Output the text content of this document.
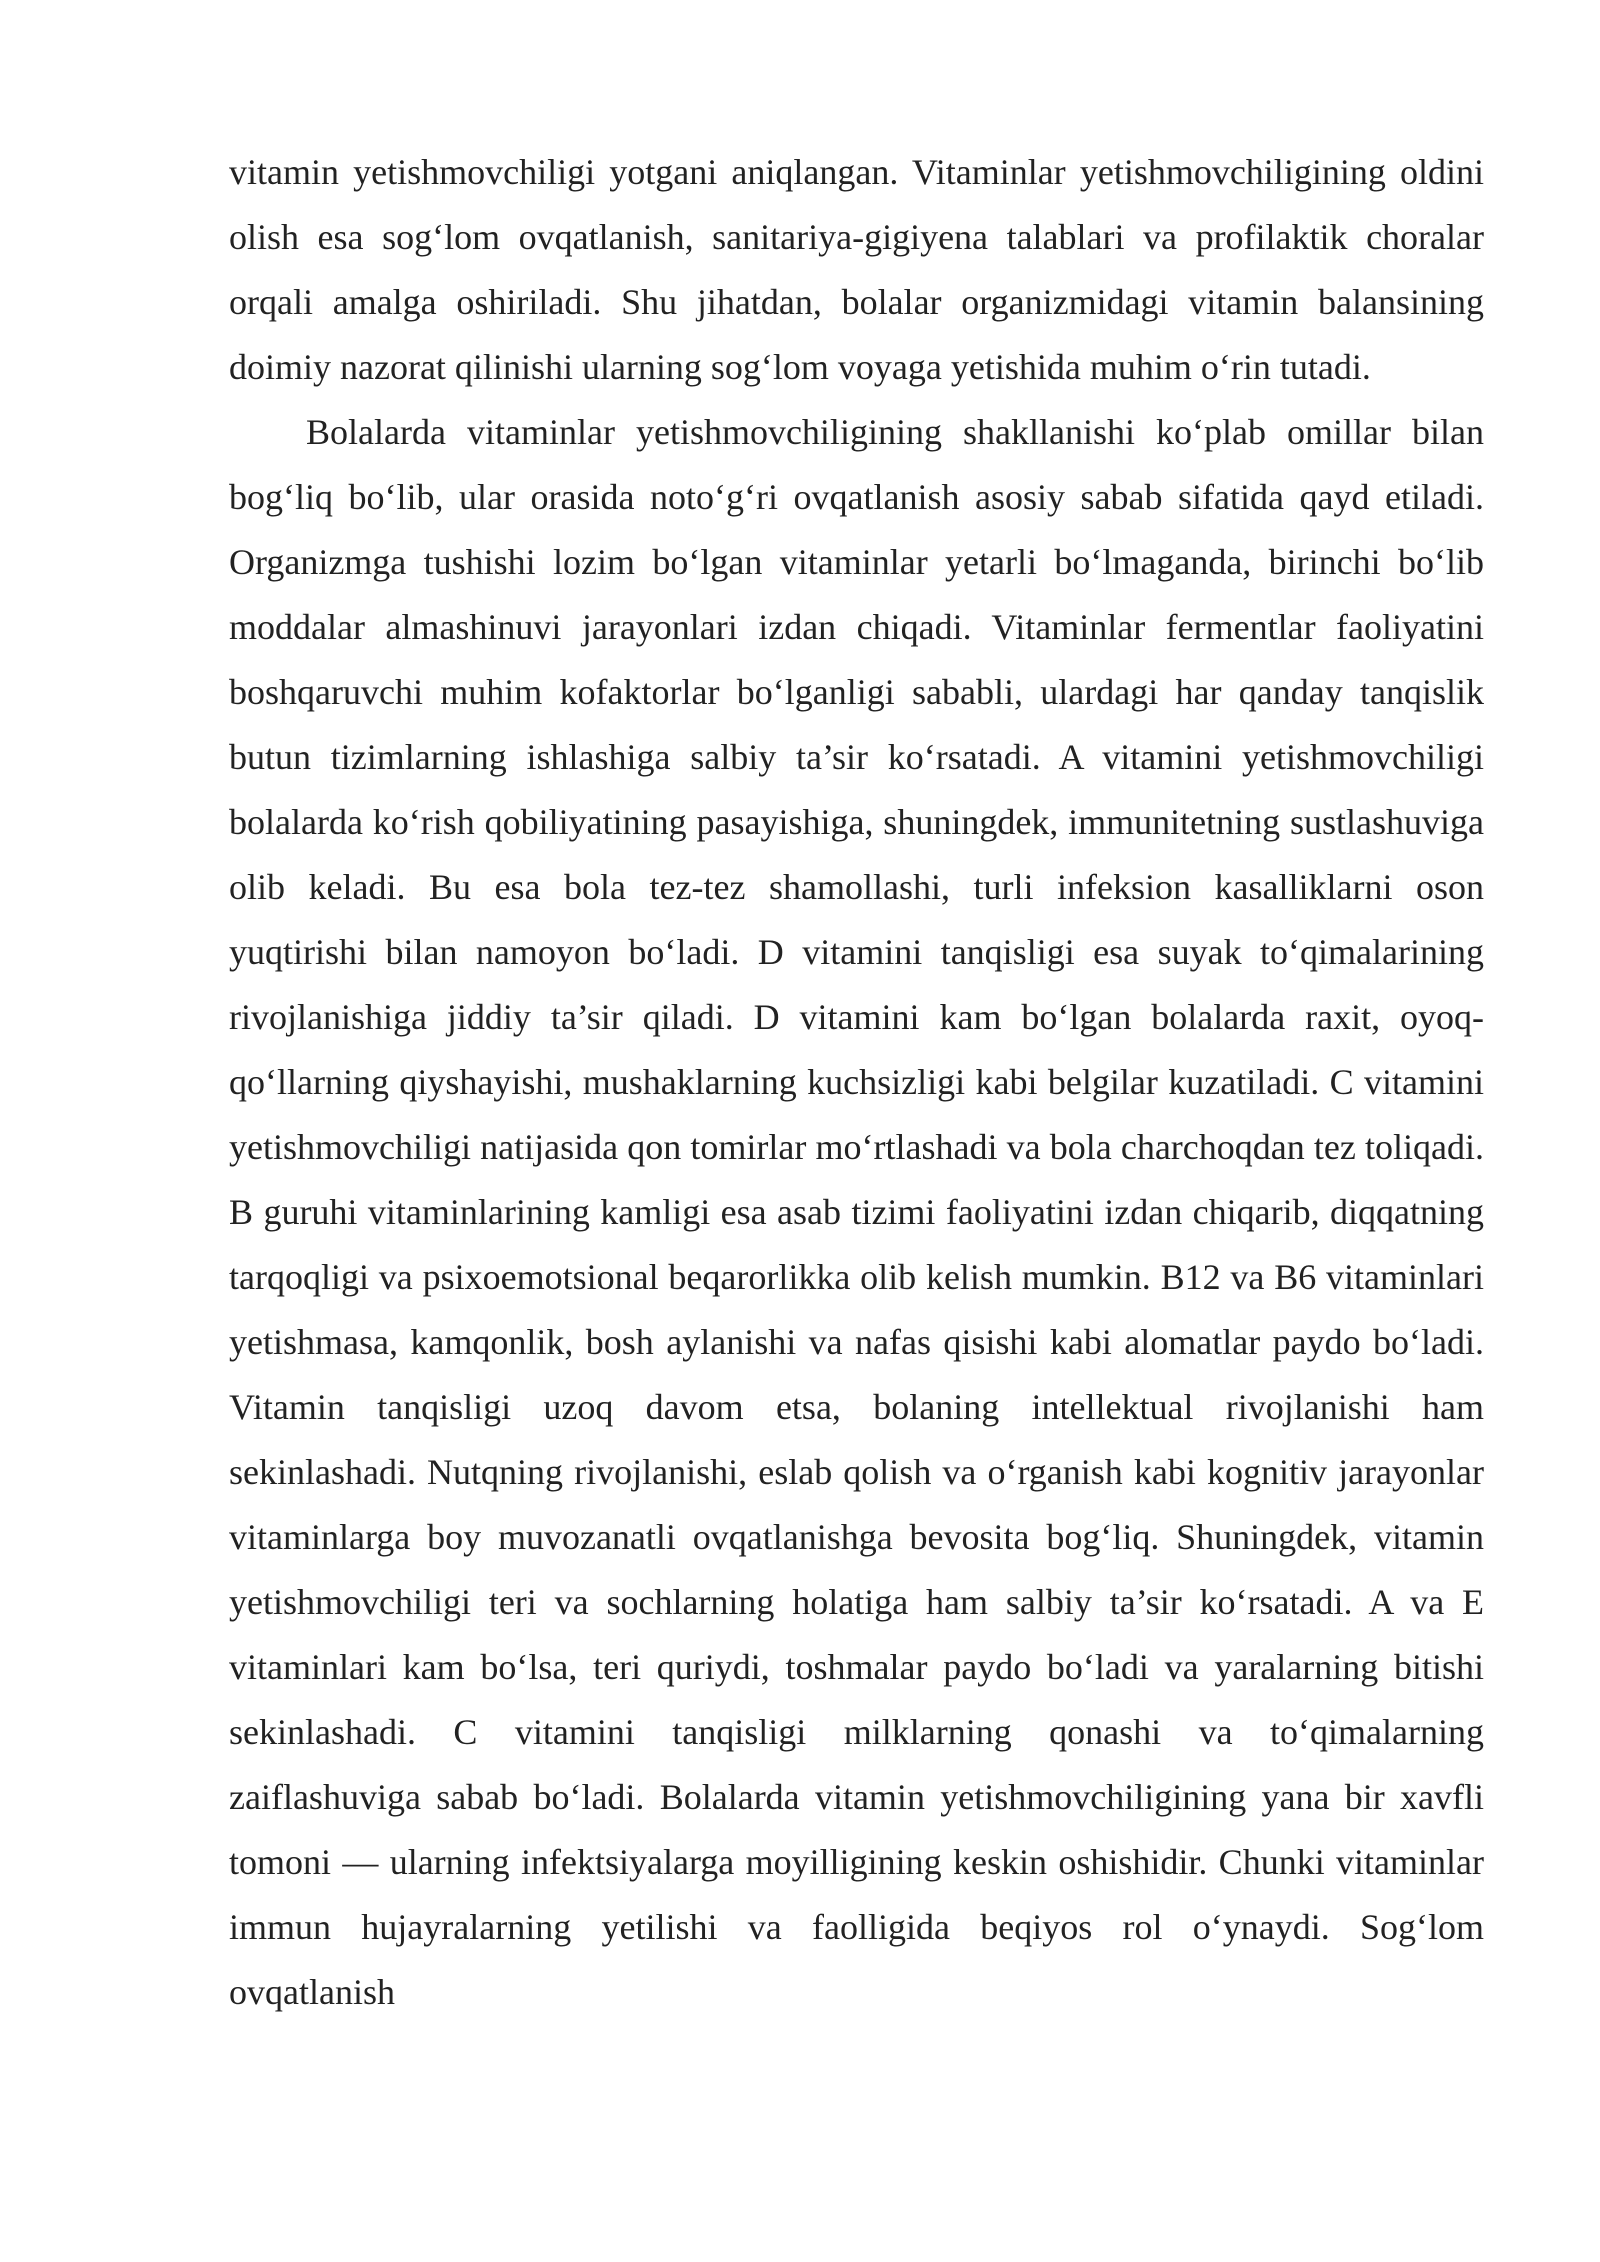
vitamin yetishmovchiligi yotgani aniqlangan. Vitaminlar yetishmovchiligining oldini olish esa sog‘lom ovqatlanish, sanitariya-gigiyena talablari va profilaktik choralar orqali amalga oshiriladi. Shu jihatdan, bolalar organizmidagi vitamin balansining doimiy nazorat qilinishi ularning sog‘lom voyaga yetishida muhim o‘rin tutadi.

Bolalarda vitaminlar yetishmovchiligining shakllanishi ko‘plab omillar bilan bog‘liq bo‘lib, ular orasida noto‘g‘ri ovqatlanish asosiy sabab sifatida qayd etiladi. Organizmga tushishi lozim bo‘lgan vitaminlar yetarli bo‘lmaganda, birinchi bo‘lib moddalar almashinuvi jarayonlari izdan chiqadi. Vitaminlar fermentlar faoliyatini boshqaruvchi muhim kofaktorlar bo‘lganligi sababli, ulardagi har qanday tanqislik butun tizimlarning ishlashiga salbiy ta’sir ko‘rsatadi. A vitamini yetishmovchiligi bolalarda ko‘rish qobiliyatining pasayishiga, shuningdek, immunitetning sustlashuviga olib keladi. Bu esa bola tez-tez shamollashi, turli infeksion kasalliklarni oson yuqtirishi bilan namoyon bo‘ladi. D vitamini tanqisligi esa suyak to‘qimalarining rivojlanishiga jiddiy ta’sir qiladi. D vitamini kam bo‘lgan bolalarda raxit, oyoq-qo‘llarning qiyshayishi, mushaklarning kuchsizligi kabi belgilar kuzatiladi. C vitamini yetishmovchiligi natijasida qon tomirlar mo‘rtlashadi va bola charchoqdan tez toliqadi. B guruhi vitaminlarining kamligi esa asab tizimi faoliyatini izdan chiqarib, diqqatning tarqoqligi va psixoemotsional beqarorlikka olib kelish mumkin. B12 va B6 vitaminlari yetishmasa, kamqonlik, bosh aylanishi va nafas qisishi kabi alomatlar paydo bo‘ladi. Vitamin tanqisligi uzoq davom etsa, bolaning intellektual rivojlanishi ham sekinlashadi. Nutqning rivojlanishi, eslab qolish va o‘rganish kabi kognitiv jarayonlar vitaminlarga boy muvozanatli ovqatlanishga bevosita bog‘liq. Shuningdek, vitamin yetishmovchiligi teri va sochlarning holatiga ham salbiy ta’sir ko‘rsatadi. A va E vitaminlari kam bo‘lsa, teri quriydi, toshmalar paydo bo‘ladi va yaralarning bitishi sekinlashadi. C vitamini tanqisligi milklarning qonashi va to‘qimalarning zaiflashuviga sabab bo‘ladi. Bolalarda vitamin yetishmovchiligining yana bir xavfli tomoni — ularning infektsiyalarga moyilligining keskin oshishidir. Chunki vitaminlar immun hujayralarning yetilishi va faolligida beqiyos rol o‘ynaydi. Sog‘lom ovqatlanish
